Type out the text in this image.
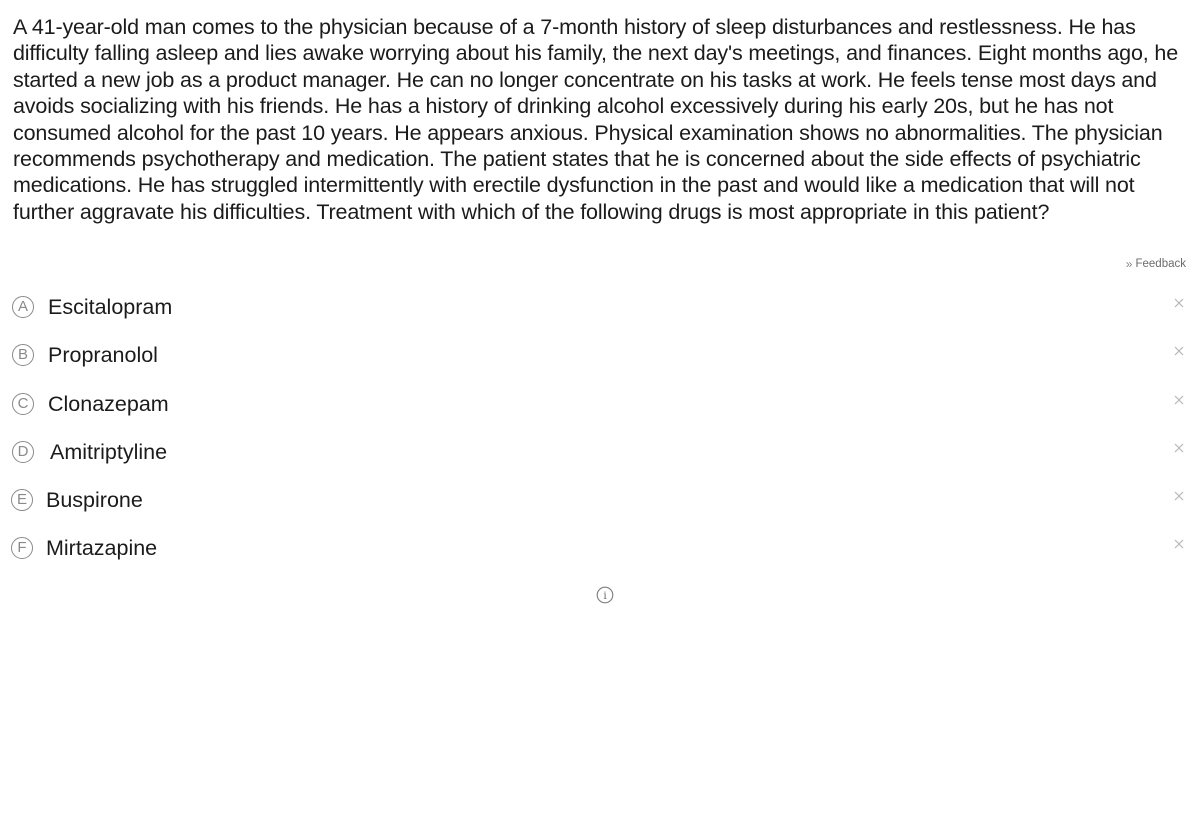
A 41-year-old man comes to the physician because of a 7-month history of sleep disturbances and restlessness. He has difficulty falling asleep and lies awake worrying about his family, the next day's meetings, and finances. Eight months ago, he started a new job as a product manager. He can no longer concentrate on his tasks at work. He feels tense most days and avoids socializing with his friends. He has a history of drinking alcohol excessively during his early 20s, but he has not consumed alcohol for the past 10 years. He appears anxious. Physical examination shows no abnormalities. The physician recommends psychotherapy and medication. The patient states that he is concerned about the side effects of psychiatric medications. He has struggled intermittently with erectile dysfunction in the past and would like a medication that will not further aggravate his difficulties. Treatment with which of the following drugs is most appropriate in this patient?

» Feedback
A Escitalopram
B Propranolol
C Clonazepam
D Amitriptyline
E Buspirone
F Mirtazapine
i
